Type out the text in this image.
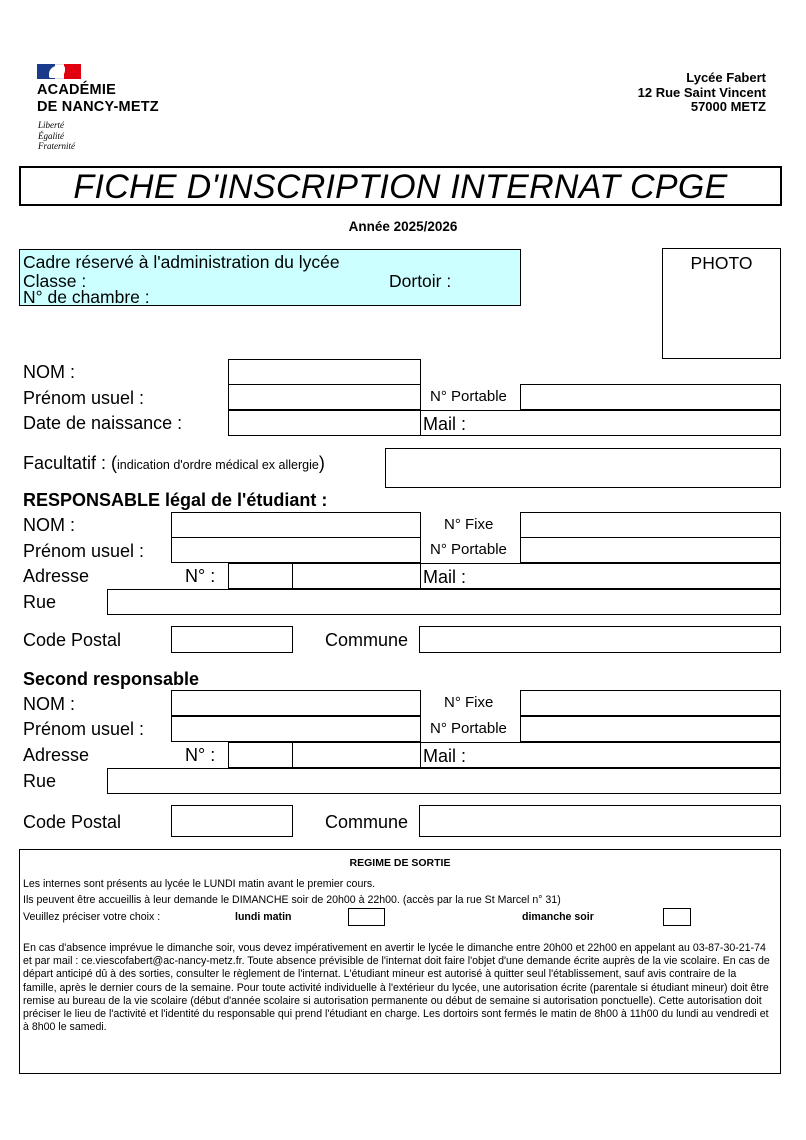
ACADÉMIE
DE NANCY-METZ
Liberté
Égalité
Fraternité
Lycée Fabert
12 Rue Saint Vincent
57000 METZ
FICHE D'INSCRIPTION INTERNAT CPGE
Année 2025/2026
Cadre réservé à l'administration du lycée
Classe :	Dortoir :
N° de chambre :
PHOTO
NOM :
Prénom usuel :	N° Portable
Date de naissance :	Mail :
Facultatif : (indication d'ordre médical ex allergie)
RESPONSABLE légal de l'étudiant :
NOM :	N° Fixe
Prénom usuel :	N° Portable
Adresse	N° :	Mail :
Rue
Code Postal	Commune
Second responsable
NOM :	N° Fixe
Prénom usuel :	N° Portable
Adresse	N° :	Mail :
Rue
Code Postal	Commune
REGIME DE SORTIE
Les internes sont présents au lycée le LUNDI matin avant le premier cours.
Ils peuvent être accueillis à leur demande le DIMANCHE soir de 20h00 à 22h00. (accès par la rue St Marcel n° 31)
Veuillez préciser votre choix :	lundi matin	dimanche soir
En cas d'absence imprévue le dimanche soir, vous devez impérativement en avertir le lycée le dimanche entre 20h00 et 22h00 en appelant au 03-87-30-21-74 et par mail : ce.viescofabert@ac-nancy-metz.fr. Toute absence prévisible de l'internat doit faire l'objet d'une demande écrite auprès de la vie scolaire. En cas de départ anticipé dû à des sorties, consulter le règlement de l'internat. L'étudiant mineur est autorisé à quitter seul l'établissement, sauf avis contraire de la famille, après le dernier cours de la semaine. Pour toute activité individuelle à l'extérieur du lycée, une autorisation écrite (parentale si étudiant mineur) doit être remise au bureau de la vie scolaire (début d'année scolaire si autorisation permanente ou début de semaine si autorisation ponctuelle). Cette autorisation doit préciser le lieu de l'activité et l'identité du responsable qui prend l'étudiant en charge. Les dortoirs sont fermés le matin de 8h00 à 11h00 du lundi au vendredi et à 8h00 le samedi.
